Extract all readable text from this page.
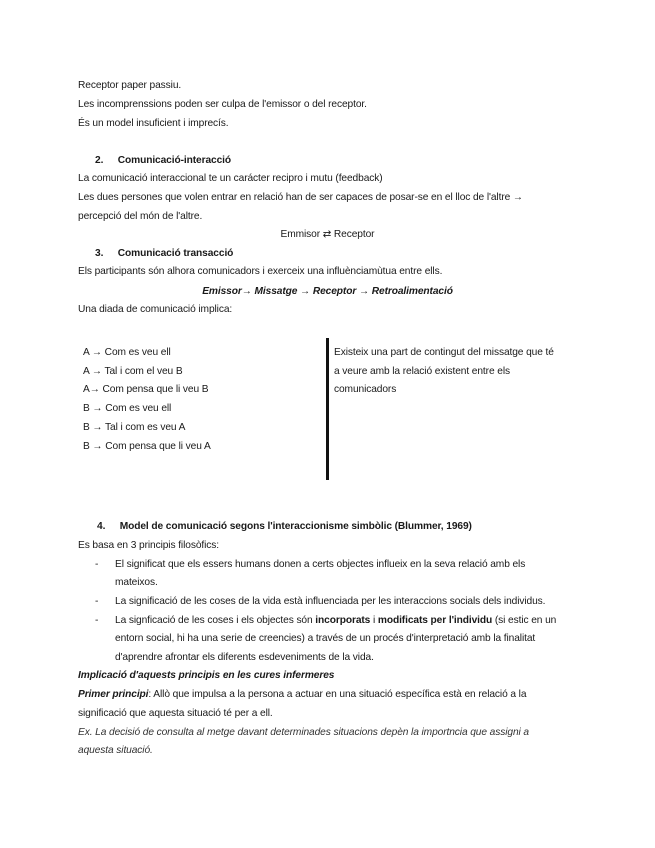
Receptor paper passiu.
Les incomprenssions poden ser culpa de l'emissor o del receptor.
És un model insuficient i imprecís.
2. Comunicació-interacció
La comunicació interaccional te un carácter recipro i mutu (feedback)
Les dues persones que volen entrar en relació han de ser capaces de posar-se en el lloc de l'altre →
percepció del món de l'altre.
Emmisor ⇄ Receptor
3. Comunicació transacció
Els participants són alhora comunicadors i exerceix una influènciamùtua entre ells.
Emissor→ Missatge → Receptor → Retroalimentació
Una diada de comunicació implica:
A → Com es veu ell
A → Tal i com el veu B
A→ Com pensa que li veu B
B → Com es veu ell
B → Tal i com es veu A
B → Com pensa que li veu A
Existeix una part de contingut del missatge que té
a veure amb la relació existent entre els
comunicadors
4. Model de comunicació segons l'interaccionisme simbòlic (Blummer, 1969)
Es basa en 3 principis filosòfics:
- El significat que els essers humans donen a certs objectes influeix en la seva relació amb els
mateixos.
- La significació de les coses de la vida està influenciada per les interaccions socials dels individus.
- La signficació de les coses i els objectes són incorporats i modificats per l'individu (si estic en un
entorn social, hi ha una serie de creencies) a través de un procés d'interpretació amb la finalitat
d'aprendre afrontar els diferents esdeveniments de la vida.
Implicació d'aquests principis en les cures infermeres
Primer principi: Allò que impulsa a la persona a actuar en una situació específica està en relació a la
significació que aquesta situació té per a ell.
Ex. La decisió de consulta al metge davant determinades situacions depèn la importncia que assigni a
aquesta situació.
